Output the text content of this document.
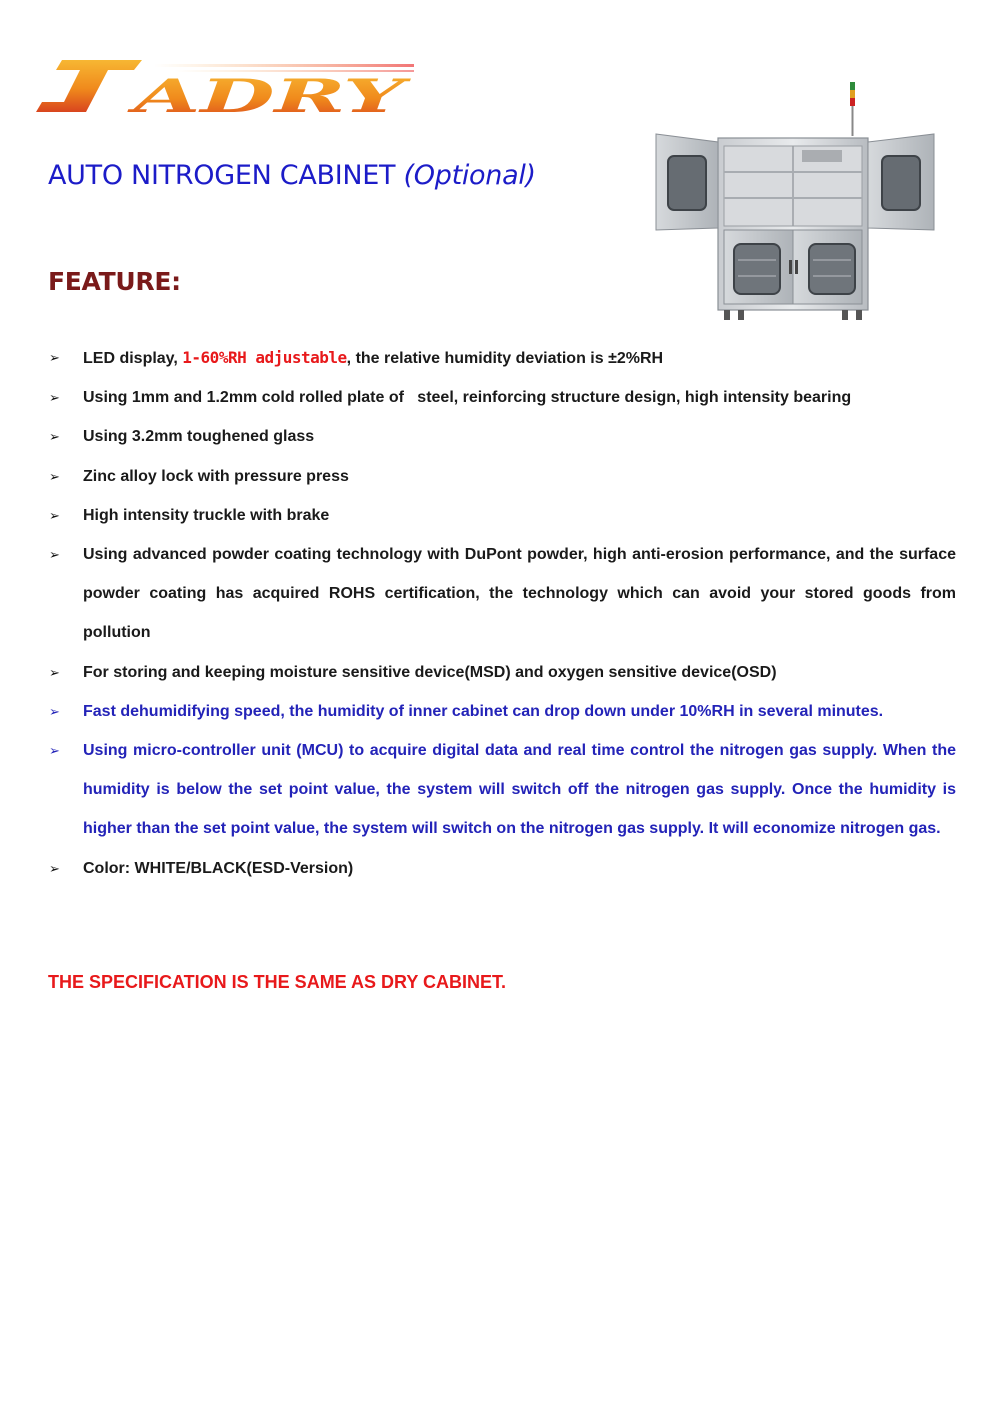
ADRY
AUTO NITROGEN CABINET (Optional)
FEATURE:
➢ LED display, 1-60%RH adjustable, the relative humidity deviation is ±2%RH
➢ Using 1mm and 1.2mm cold rolled plate of   steel, reinforcing structure design, high intensity bearing
➢ Using 3.2mm toughened glass
➢ Zinc alloy lock with pressure press
➢ High intensity truckle with brake
➢ Using advanced powder coating technology with DuPont powder, high anti-erosion performance, and the surface powder coating has acquired ROHS certification, the technology which can avoid your stored goods from pollution
➢ For storing and keeping moisture sensitive device(MSD) and oxygen sensitive device(OSD)
➢ Fast dehumidifying speed, the humidity of inner cabinet can drop down under 10%RH in several minutes.
➢ Using micro-controller unit (MCU) to acquire digital data and real time control the nitrogen gas supply. When the humidity is below the set point value, the system will switch off the nitrogen gas supply. Once the humidity is higher than the set point value, the system will switch on the nitrogen gas supply. It will economize nitrogen gas.
➢ Color: WHITE/BLACK(ESD-Version)

THE SPECIFICATION IS THE SAME AS DRY CABINET.
